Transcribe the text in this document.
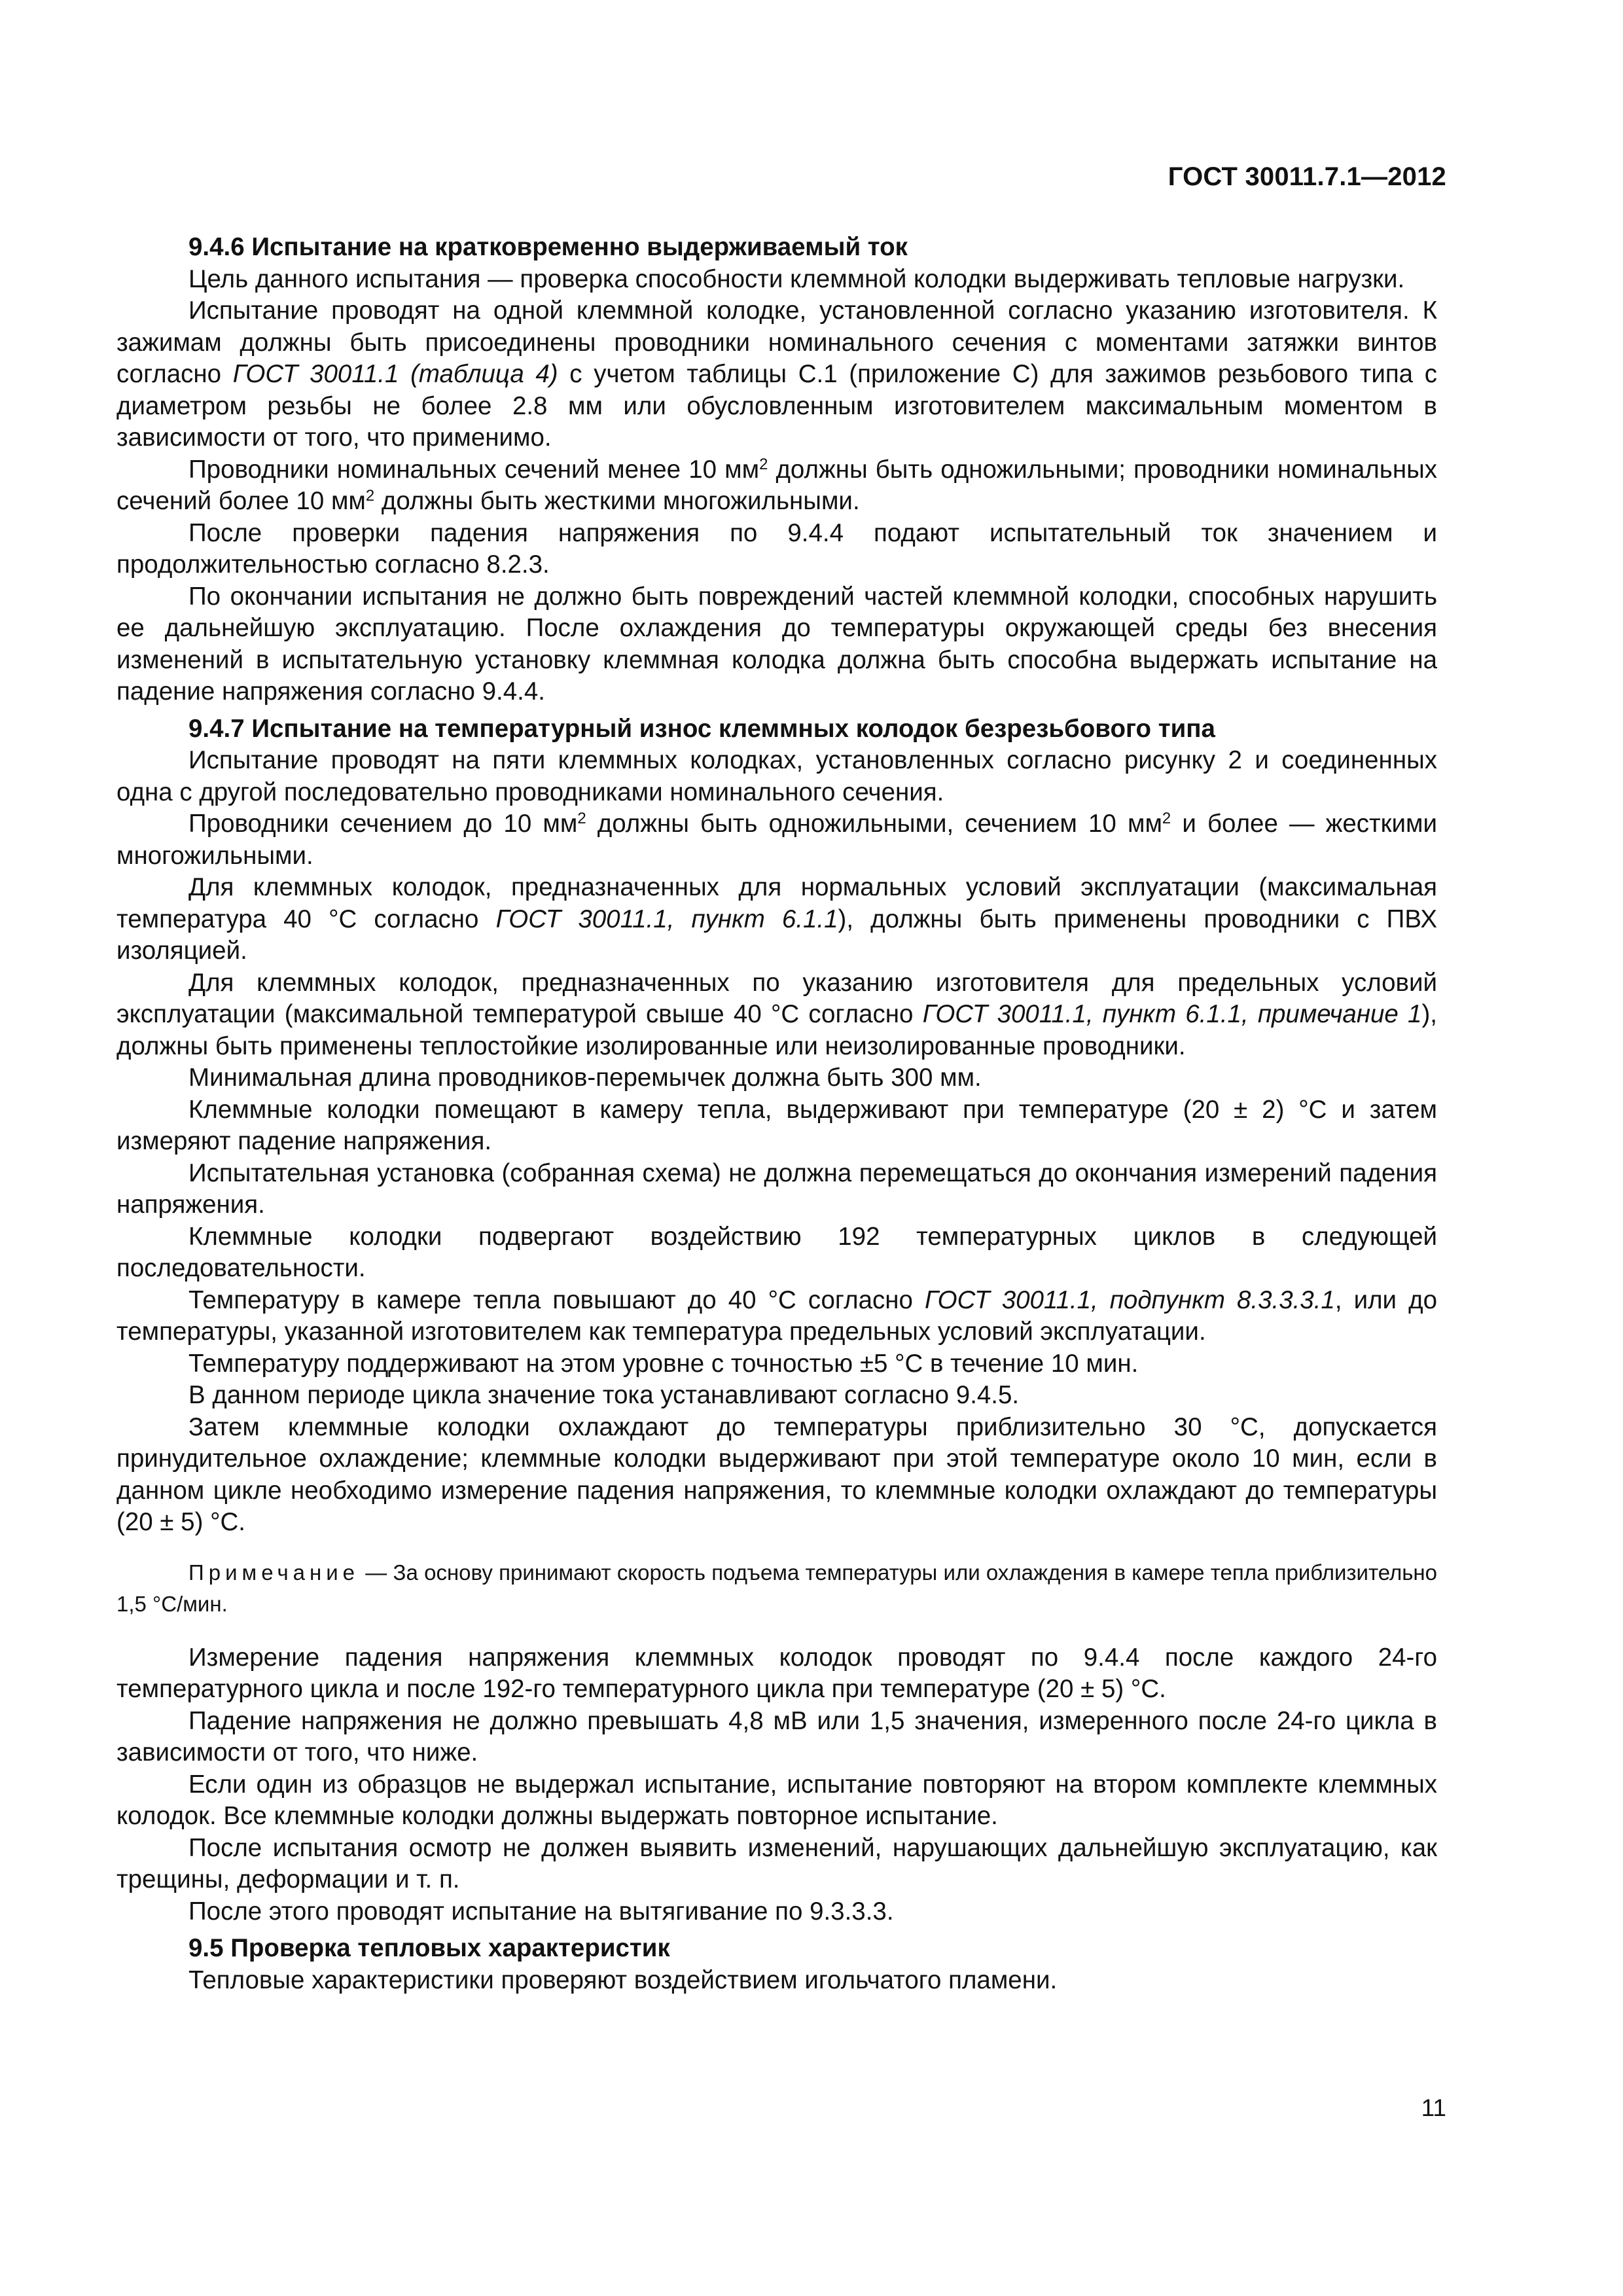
ГОСТ 30011.7.1—2012

9.4.6 Испытание на кратковременно выдерживаемый ток

Цель данного испытания — проверка способности клеммной колодки выдерживать тепловые нагрузки.

Испытание проводят на одной клеммной колодке, установленной согласно указанию изготовителя. К зажимам должны быть присоединены проводники номинального сечения с моментами затяжки винтов согласно ГОСТ 30011.1 (таблица 4) с учетом таблицы С.1 (приложение С) для зажимов резьбового типа с диаметром резьбы не более 2.8 мм или обусловленным изготовителем максимальным моментом в зависимости от того, что применимо.

Проводники номинальных сечений менее 10 $мм^2$ должны быть одножильными; проводники номинальных сечений более 10 $мм^2$ должны быть жесткими многожильными.

После проверки падения напряжения по 9.4.4 подают испытательный ток значением и продолжительностью согласно 8.2.3.

По окончании испытания не должно быть повреждений частей клеммной колодки, способных нарушить ее дальнейшую эксплуатацию. После охлаждения до температуры окружающей среды без внесения изменений в испытательную установку клеммная колодка должна быть способна выдержать испытание на падение напряжения согласно 9.4.4.

9.4.7 Испытание на температурный износ клеммных колодок безрезьбового типа

Испытание проводят на пяти клеммных колодках, установленных согласно рисунку 2 и соединенных одна с другой последовательно проводниками номинального сечения.

Проводники сечением до 10 $мм^2$ должны быть одножильными, сечением 10 $мм^2$ и более — жесткими многожильными.

Для клеммных колодок, предназначенных для нормальных условий эксплуатации (максимальная температура 40 °С согласно ГОСТ 30011.1, пункт 6.1.1), должны быть применены проводники с ПВХ изоляцией.

Для клеммных колодок, предназначенных по указанию изготовителя для предельных условий эксплуатации (максимальной температурой свыше 40 °С согласно ГОСТ 30011.1, пункт 6.1.1, примечание 1), должны быть применены теплостойкие изолированные или неизолированные проводники.

Минимальная длина проводников-перемычек должна быть 300 мм.

Клеммные колодки помещают в камеру тепла, выдерживают при температуре (20 ± 2) °С и затем измеряют падение напряжения.

Испытательная установка (собранная схема) не должна перемещаться до окончания измерений падения напряжения.

Клеммные колодки подвергают воздействию 192 температурных циклов в следующей последовательности.

Температуру в камере тепла повышают до 40 °С согласно ГОСТ 30011.1, подпункт 8.3.3.3.1, или до температуры, указанной изготовителем как температура предельных условий эксплуатации.

Температуру поддерживают на этом уровне с точностью ±5 °С в течение 10 мин.

В данном периоде цикла значение тока устанавливают согласно 9.4.5.

Затем клеммные колодки охлаждают до температуры приблизительно 30 °С, допускается принудительное охлаждение; клеммные колодки выдерживают при этой температуре около 10 мин, если в данном цикле необходимо измерение падения напряжения, то клеммные колодки охлаждают до температуры (20 ± 5) °С.

Примечание — За основу принимают скорость подъема температуры или охлаждения в камере тепла приблизительно 1,5 °С/мин.

Измерение падения напряжения клеммных колодок проводят по 9.4.4 после каждого 24-го температурного цикла и после 192-го температурного цикла при температуре (20 ± 5) °С.

Падение напряжения не должно превышать 4,8 мВ или 1,5 значения, измеренного после 24-го цикла в зависимости от того, что ниже.

Если один из образцов не выдержал испытание, испытание повторяют на втором комплекте клеммных колодок. Все клеммные колодки должны выдержать повторное испытание.

После испытания осмотр не должен выявить изменений, нарушающих дальнейшую эксплуатацию, как трещины, деформации и т. п.

После этого проводят испытание на вытягивание по 9.3.3.3.

9.5 Проверка тепловых характеристик

Тепловые характеристики проверяют воздействием игольчатого пламени.

11
